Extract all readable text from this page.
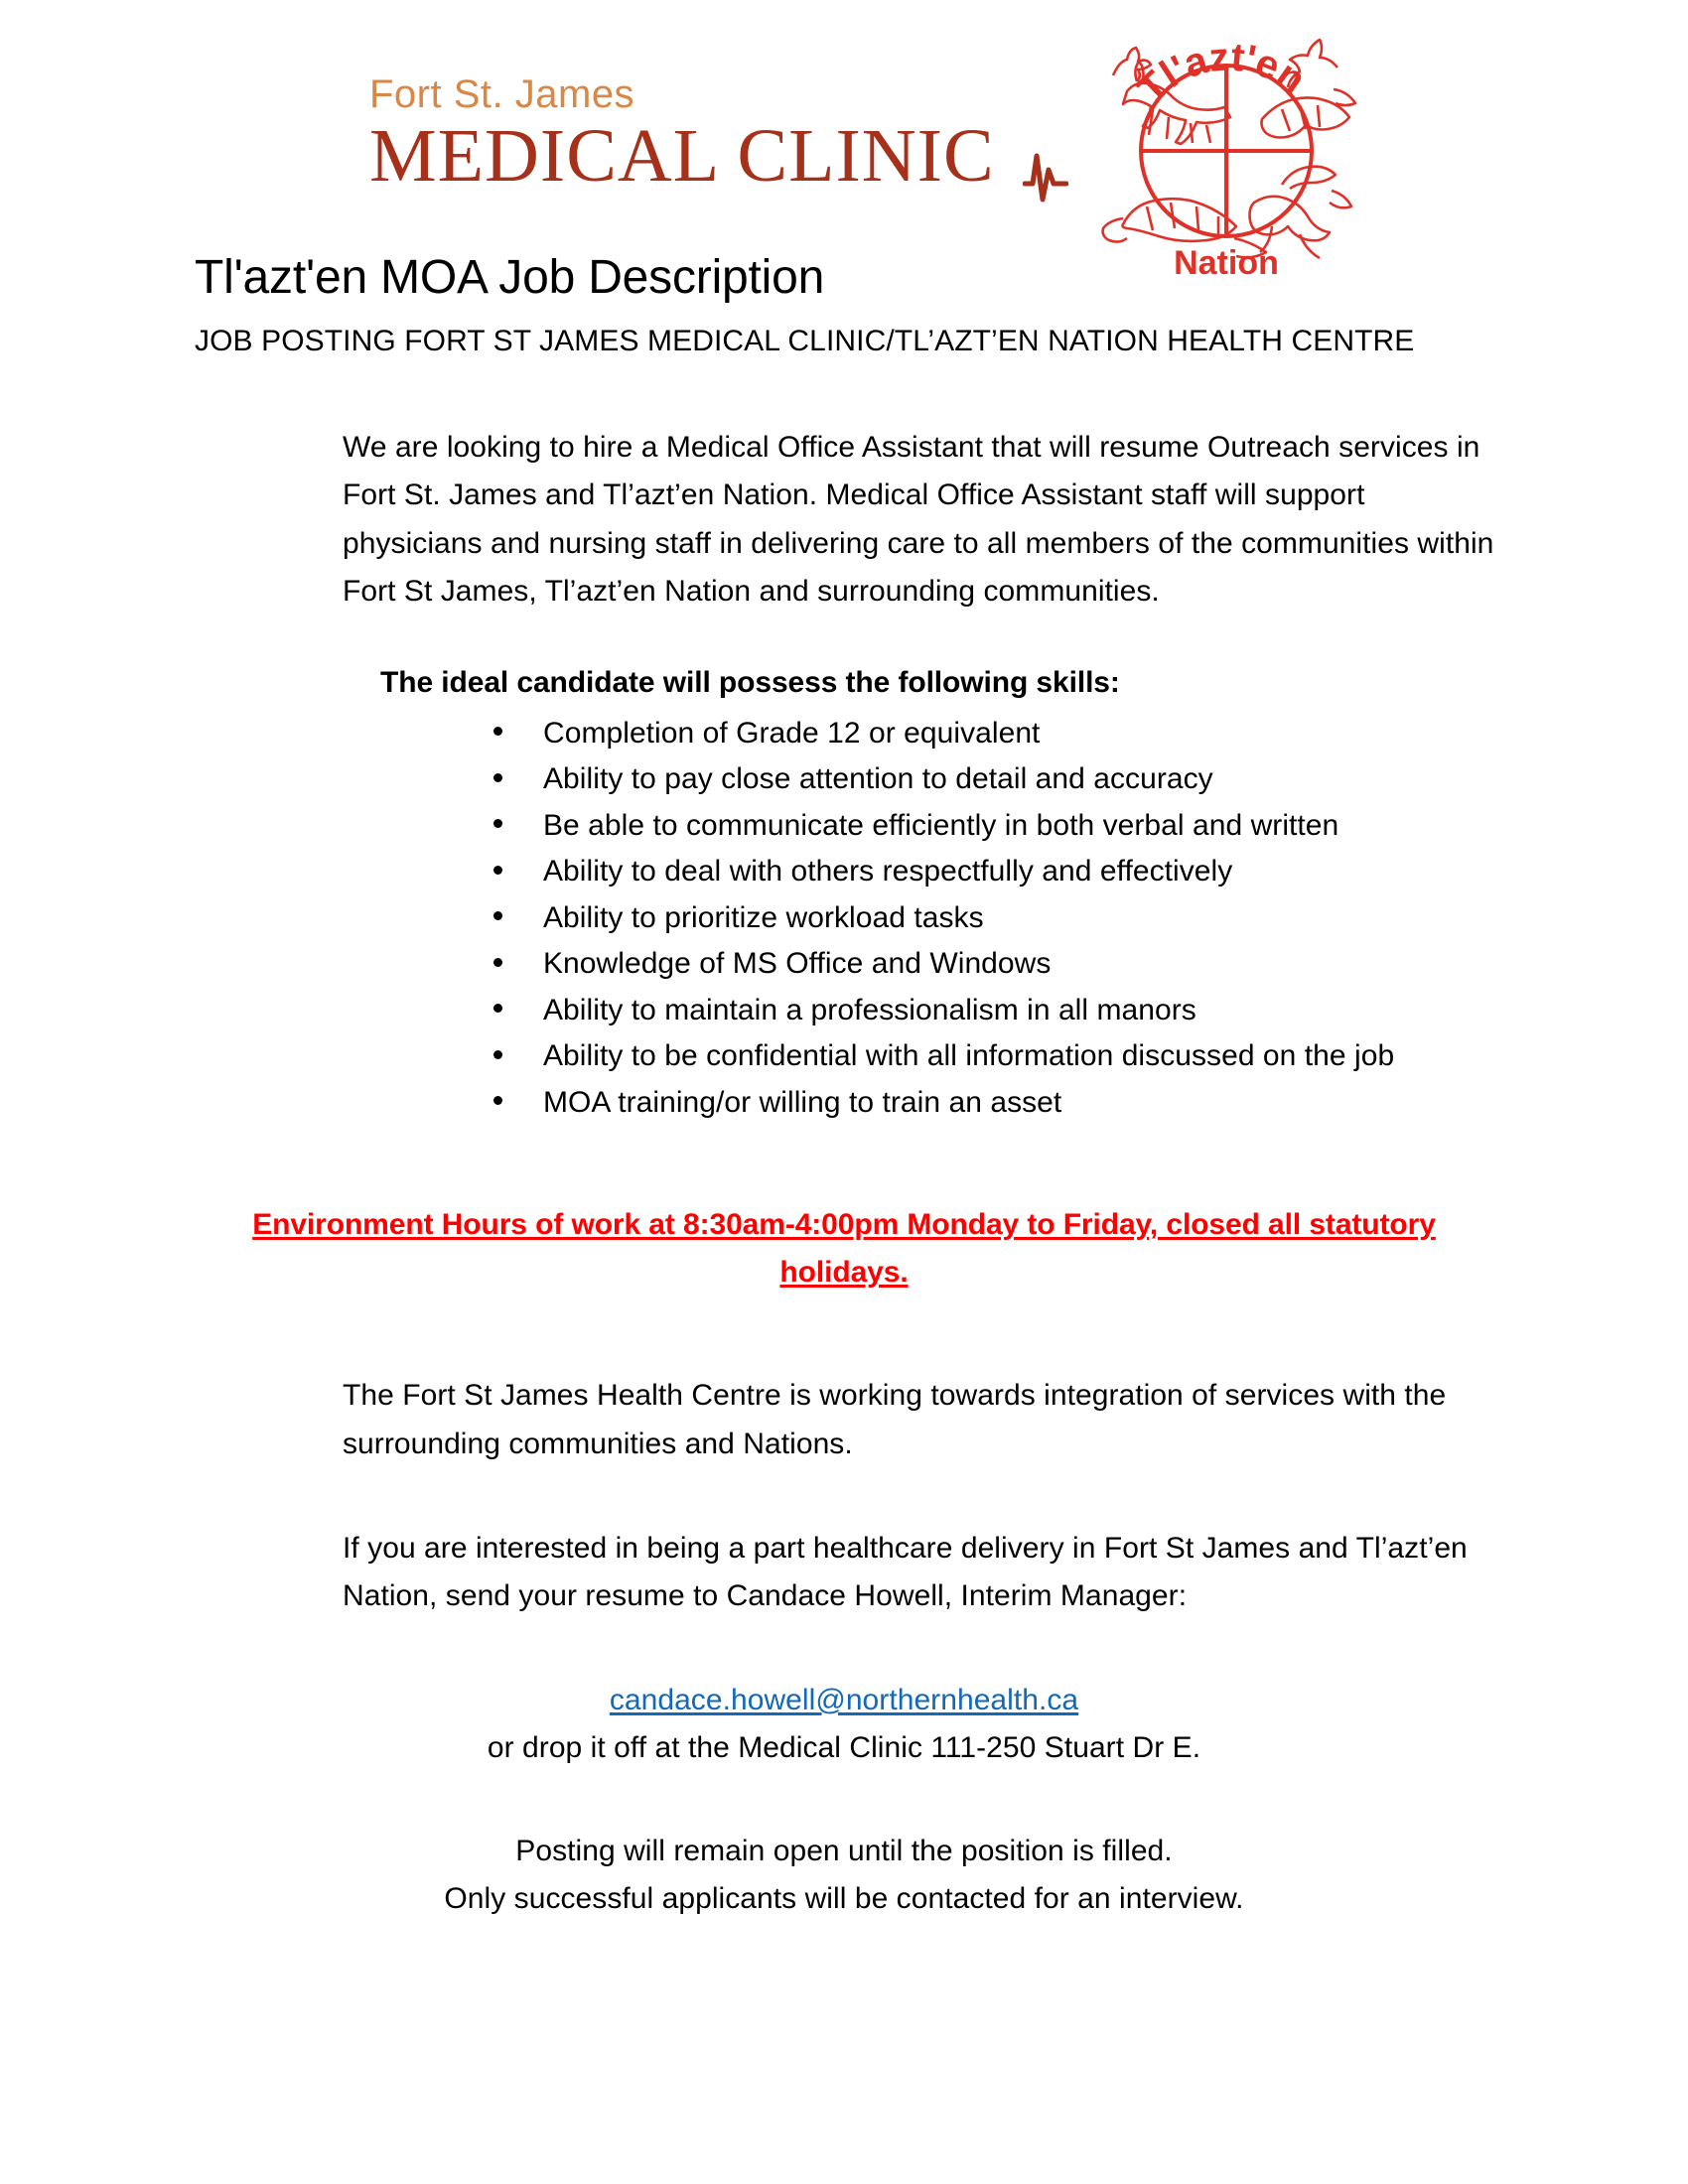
Fort St. James
MEDICAL CLINIC
Tl'azt'en
Nation
Tl'azt'en MOA Job Description
JOB POSTING FORT ST JAMES MEDICAL CLINIC/TL’AZT’EN NATION HEALTH CENTRE

We are looking to hire a Medical Office Assistant that will resume Outreach services in Fort St. James and Tl’azt’en Nation. Medical Office Assistant staff will support physicians and nursing staff in delivering care to all members of the communities within Fort St James, Tl’azt’en Nation and surrounding communities.

The ideal candidate will possess the following skills:
Completion of Grade 12 or equivalent
Ability to pay close attention to detail and accuracy
Be able to communicate efficiently in both verbal and written
Ability to deal with others respectfully and effectively
Ability to prioritize workload tasks
Knowledge of MS Office and Windows
Ability to maintain a professionalism in all manors
Ability to be confidential with all information discussed on the job
MOA training/or willing to train an asset
Environment Hours of work at 8:30am-4:00pm Monday to Friday, closed all statutory holidays.

The Fort St James Health Centre is working towards integration of services with the surrounding communities and Nations.

If you are interested in being a part healthcare delivery in Fort St James and Tl’azt’en Nation, send your resume to Candace Howell, Interim Manager:

candace.howell@northernhealth.ca
or drop it off at the Medical Clinic 111-250 Stuart Dr E.
Posting will remain open until the position is filled.
Only successful applicants will be contacted for an interview.
